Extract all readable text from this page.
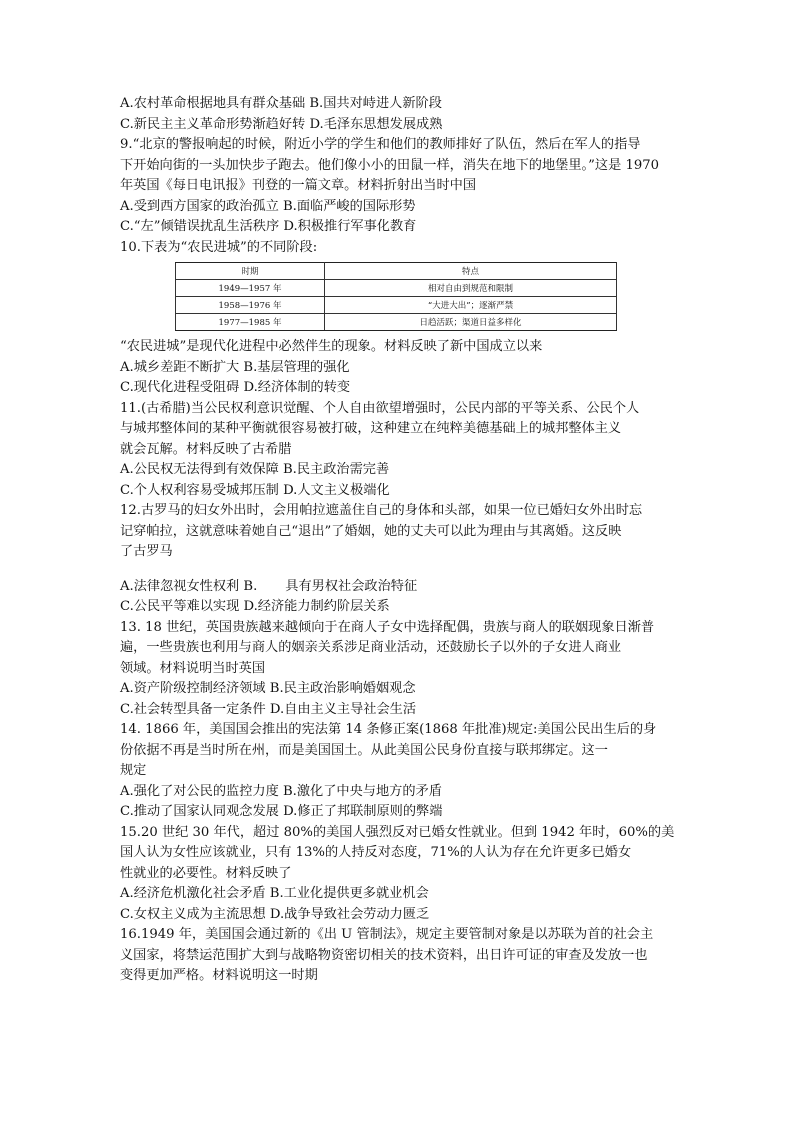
A.农村革命根据地具有群众基础 B.国共对峙进人新阶段
C.新民主主义革命形势渐趋好转 D.毛泽东思想发展成熟
9.“北京的警报响起的时候，附近小学的学生和他们的教师排好了队伍，然后在军人的指导
下开始向街的一头加快步子跑去。他们像小小的田鼠一样，消失在地下的地堡里。”这是 1970
年英国《每日电讯报》刊登的一篇文章。材料折射出当时中国
A.受到西方国家的政治孤立 B.面临严峻的国际形势
C.“左”倾错误扰乱生活秩序 D.积极推行军事化教育
10.下表为“农民进城”的不同阶段:
时期	特点
1949—1957 年	相对自由到规范和限制
1958—1976 年	“大进大出”；逐渐严禁
1977—1985 年	日趋活跃；渠道日益多样化
“农民进城”是现代化进程中必然伴生的现象。材料反映了新中国成立以来
A.城乡差距不断扩大 B.基层管理的强化
C.现代化进程受阻碍 D.经济体制的转变
11.(古希腊)当公民权利意识觉醒、个人自由欲望增强时，公民内部的平等关系、公民个人
与城邦整体间的某种平衡就很容易被打破，这种建立在纯粹美德基础上的城邦整体主义
就会瓦解。材料反映了古希腊
A.公民权无法得到有效保障 B.民主政治需完善
C.个人权利容易受城邦压制 D.人文主义极端化
12.古罗马的妇女外出时，会用帕拉遮盖住自己的身体和头部，如果一位已婚妇女外出时忘
记穿帕拉，这就意味着她自己“退出”了婚姻，她的丈夫可以此为理由与其离婚。这反映
了古罗马
A.法律忽视女性权利 B. 具有男权社会政治特征
C.公民平等难以实现 D.经济能力制约阶层关系
13. 18 世纪，英国贵族越来越倾向于在商人子女中选择配偶，贵族与商人的联姻现象日渐普
遍，一些贵族也利用与商人的姻亲关系涉足商业活动，还鼓励长子以外的子女进人商业
领域。材料说明当时英国
A.资产阶级控制经济领域 B.民主政治影响婚姻观念
C.社会转型具备一定条件 D.自由主义主导社会生活
14. 1866 年，美国国会推出的宪法第 14 条修正案(1868 年批准)规定:美国公民出生后的身
份依据不再是当时所在州，而是美国国土。从此美国公民身份直接与联邦绑定。这一
规定
A.强化了对公民的监控力度 B.激化了中央与地方的矛盾
C.推动了国家认同观念发展 D.修正了邦联制原则的弊端
15.20 世纪 30 年代，超过 80%的美国人强烈反对已婚女性就业。但到 1942 年时，60%的美
国人认为女性应该就业，只有 13%的人持反对态度，71%的人认为存在允许更多已婚女
性就业的必要性。材料反映了
A.经济危机激化社会矛盾 B.工业化提供更多就业机会
C.女权主义成为主流思想 D.战争导致社会劳动力匮乏
16.1949 年，美国国会通过新的《出 U 管制法》，规定主要管制对象是以苏联为首的社会主
义国家，将禁运范围扩大到与战略物资密切相关的技术资料，出日许可证的审查及发放一也
变得更加严格。材料说明这一时期
